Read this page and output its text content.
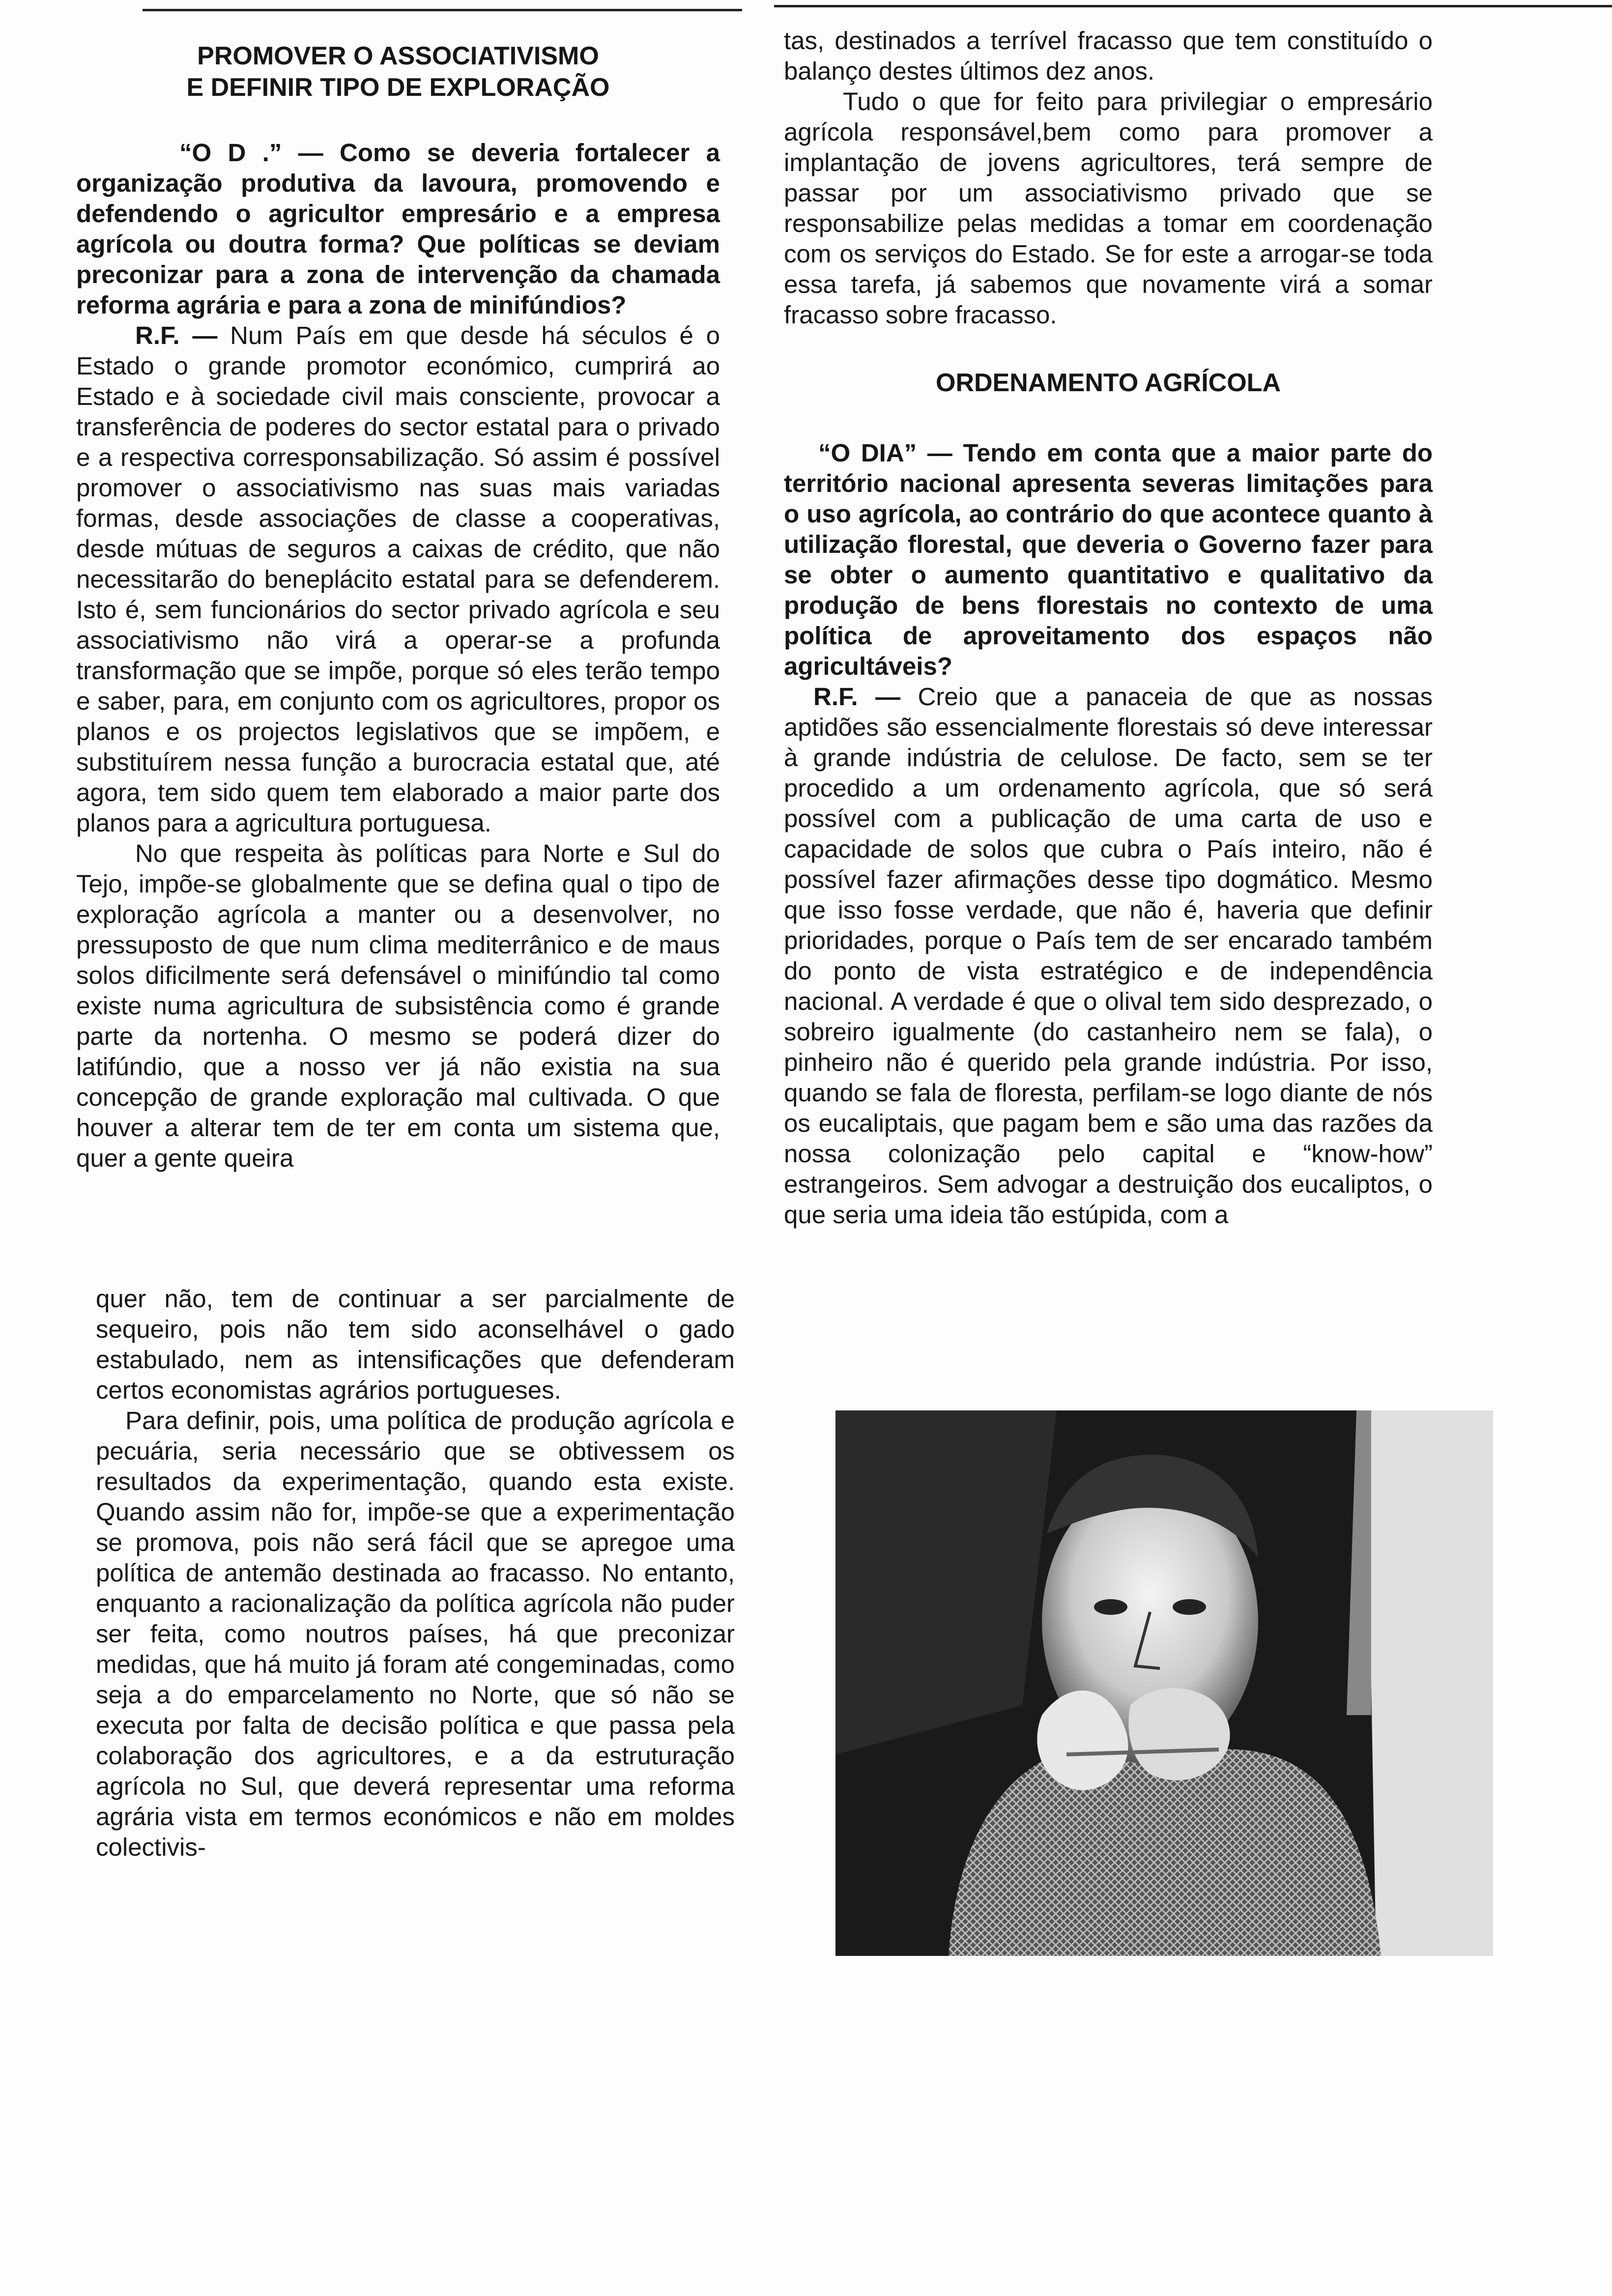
PROMOVER O ASSOCIATIVISMO
E DEFINIR TIPO DE EXPLORAÇÃO
“O D .” — Como se deveria fortalecer a organização produtiva da lavoura, promovendo e defendendo o agricultor empresário e a empresa agrícola ou doutra forma? Que políticas se deviam preconizar para a zona de intervenção da chamada reforma agrária e para a zona de minifúndios?
R.F. — Num País em que desde há séculos é o Estado o grande promotor económico, cumprirá ao Estado e à sociedade civil mais consciente, provocar a transferência de poderes do sector estatal para o privado e a respectiva corresponsabilização. Só assim é possível promover o associativismo nas suas mais variadas formas, desde associações de classe a cooperativas, desde mútuas de seguros a caixas de crédito, que não necessitarão do beneplácito estatal para se defenderem. Isto é, sem funcionários do sector privado agrícola e seu associativismo não virá a operar-se a profunda transformação que se impõe, porque só eles terão tempo e saber, para, em conjunto com os agricultores, propor os planos e os projectos legislativos que se impõem, e substituírem nessa função a burocracia estatal que, até agora, tem sido quem tem elaborado a maior parte dos planos para a agricultura portuguesa.
No que respeita às políticas para Norte e Sul do Tejo, impõe-se globalmente que se defina qual o tipo de exploração agrícola a manter ou a desenvolver, no pressuposto de que num clima mediterrânico e de maus solos dificilmente será defensável o minifúndio tal como existe numa agricultura de subsistência como é grande parte da nortenha. O mesmo se poderá dizer do latifúndio, que a nosso ver já não existia na sua concepção de grande exploração mal cultivada. O que houver a alterar tem de ter em conta um sistema que, quer a gente queira
quer não, tem de continuar a ser parcialmente de sequeiro, pois não tem sido aconselhável o gado estabulado, nem as intensificações que defenderam certos economistas agrários portugueses.
Para definir, pois, uma política de produção agrícola e pecuária, seria necessário que se obtivessem os resultados da experimentação, quando esta existe. Quando assim não for, impõe-se que a experimentação se promova, pois não será fácil que se apregoe uma política de antemão destinada ao fracasso. No entanto, enquanto a racionalização da política agrícola não puder ser feita, como noutros países, há que preconizar medidas, que há muito já foram até congeminadas, como seja a do emparcelamento no Norte, que só não se executa por falta de decisão política e que passa pela colaboração dos agricultores, e a da estruturação agrícola no Sul, que deverá representar uma reforma agrária vista em termos económicos e não em moldes colectivis-
tas, destinados a terrível fracasso que tem constituído o balanço destes últimos dez anos.
Tudo o que for feito para privilegiar o empresário agrícola responsável,bem como para promover a implantação de jovens agricultores, terá sempre de passar por um associativismo privado que se responsabilize pelas medidas a tomar em coordenação com os serviços do Estado. Se for este a arrogar-se toda essa tarefa, já sabemos que novamente virá a somar fracasso sobre fracasso.
ORDENAMENTO AGRÍCOLA
“O DIA” — Tendo em conta que a maior parte do território nacional apresenta severas limitações para o uso agrícola, ao contrário do que acontece quanto à utilização florestal, que deveria o Governo fazer para se obter o aumento quantitativo e qualitativo da produção de bens florestais no contexto de uma política de aproveitamento dos espaços não agricultáveis?
R.F. — Creio que a panaceia de que as nossas aptidões são essencialmente florestais só deve interessar à grande indústria de celulose. De facto, sem se ter procedido a um ordenamento agrícola, que só será possível com a publicação de uma carta de uso e capacidade de solos que cubra o País inteiro, não é possível fazer afirmações desse tipo dogmático. Mesmo que isso fosse verdade, que não é, haveria que definir prioridades, porque o País tem de ser encarado também do ponto de vista estratégico e de independência nacional. A verdade é que o olival tem sido desprezado, o sobreiro igualmente (do castanheiro nem se fala), o pinheiro não é querido pela grande indústria. Por isso, quando se fala de floresta, perfilam-se logo diante de nós os eucaliptais, que pagam bem e são uma das razões da nossa colonização pelo capital e “know-how” estrangeiros. Sem advogar a destruição dos eucaliptos, o que seria uma ideia tão estúpida, com a
